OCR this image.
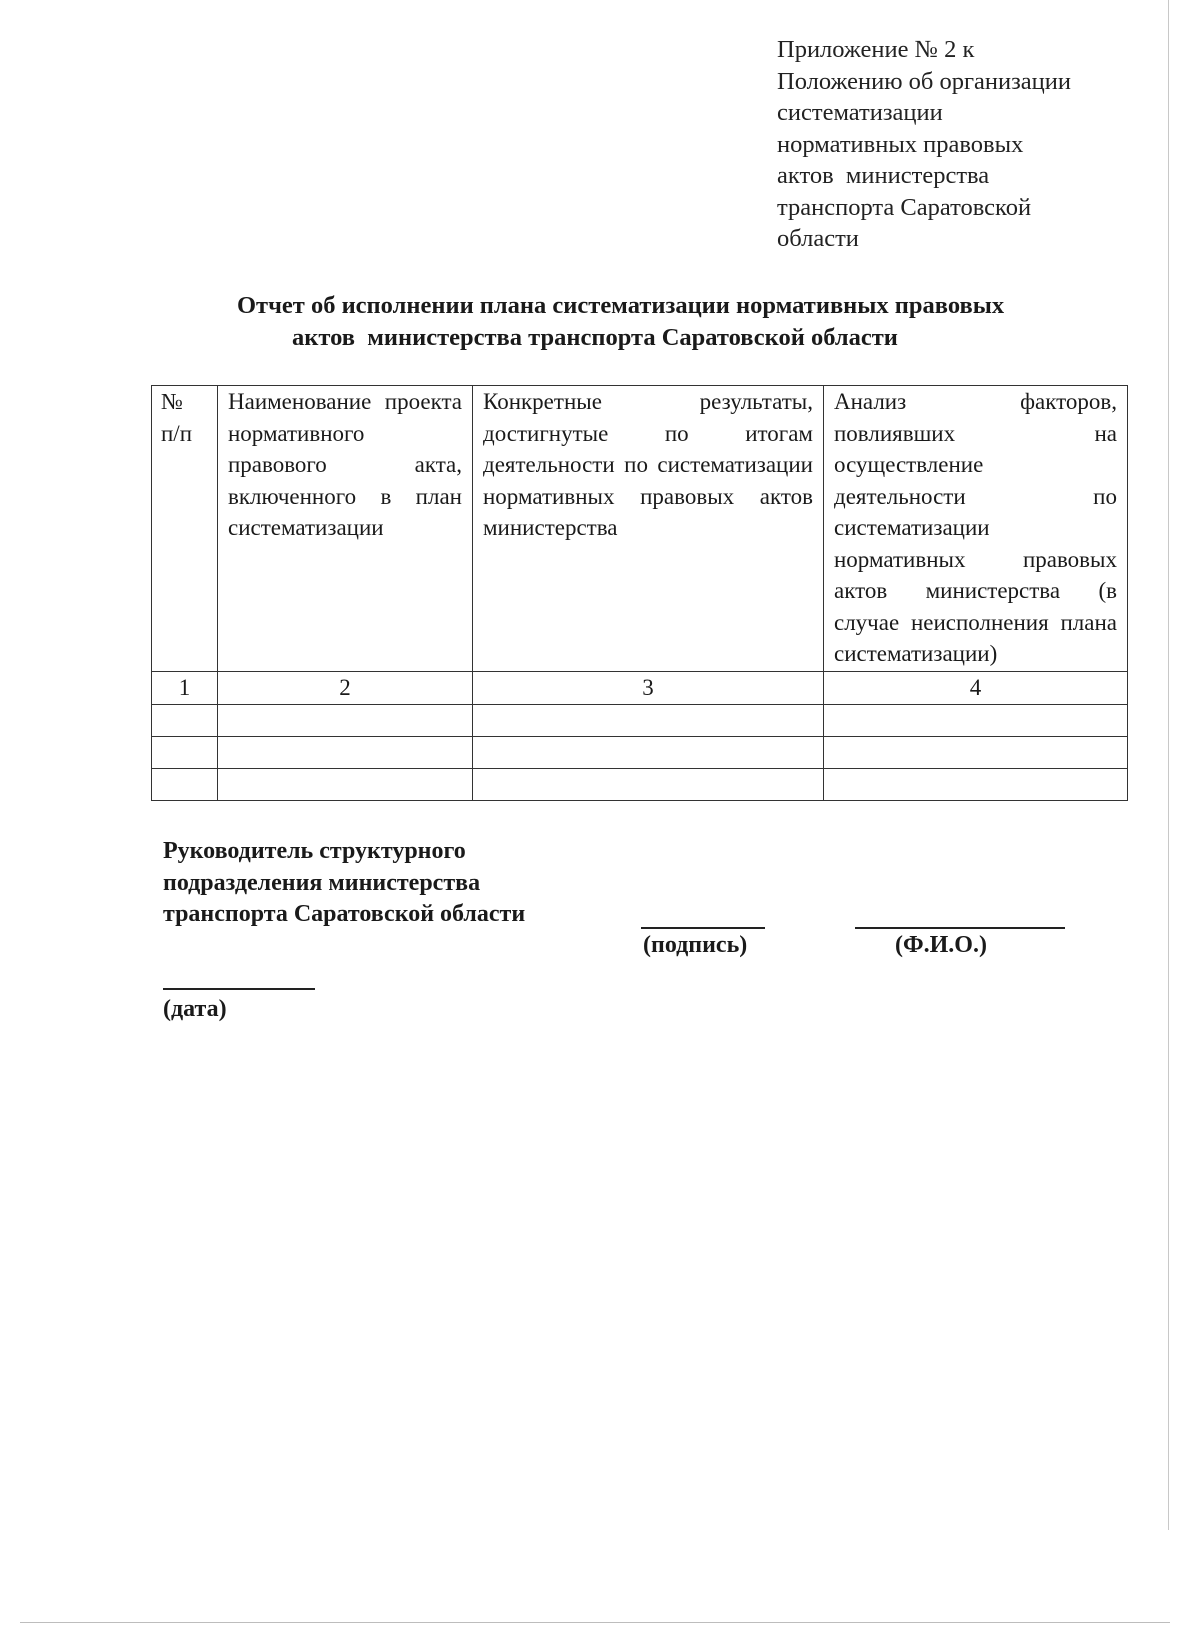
Приложение № 2 к
Положению об организации
систематизации
нормативных правовых
актов  министерства
транспорта Саратовской
области
Отчет об исполнении плана систематизации нормативных правовых
актов  министерства транспорта Саратовской области
№ п/п	Наименование проекта нормативного правового акта, включенного в план систематизации	Конкретные результаты, достигнутые по итогам деятельности по систематизации нормативных правовых актов министерства	Анализ факторов, повлиявших на осуществление деятельности по систематизации нормативных правовых актов министерства (в случае неисполнения плана систематизации)
1	2	3	4

Руководитель структурного
подразделения министерства
транспорта Саратовской области
(подпись)	(Ф.И.О.)
(дата)
